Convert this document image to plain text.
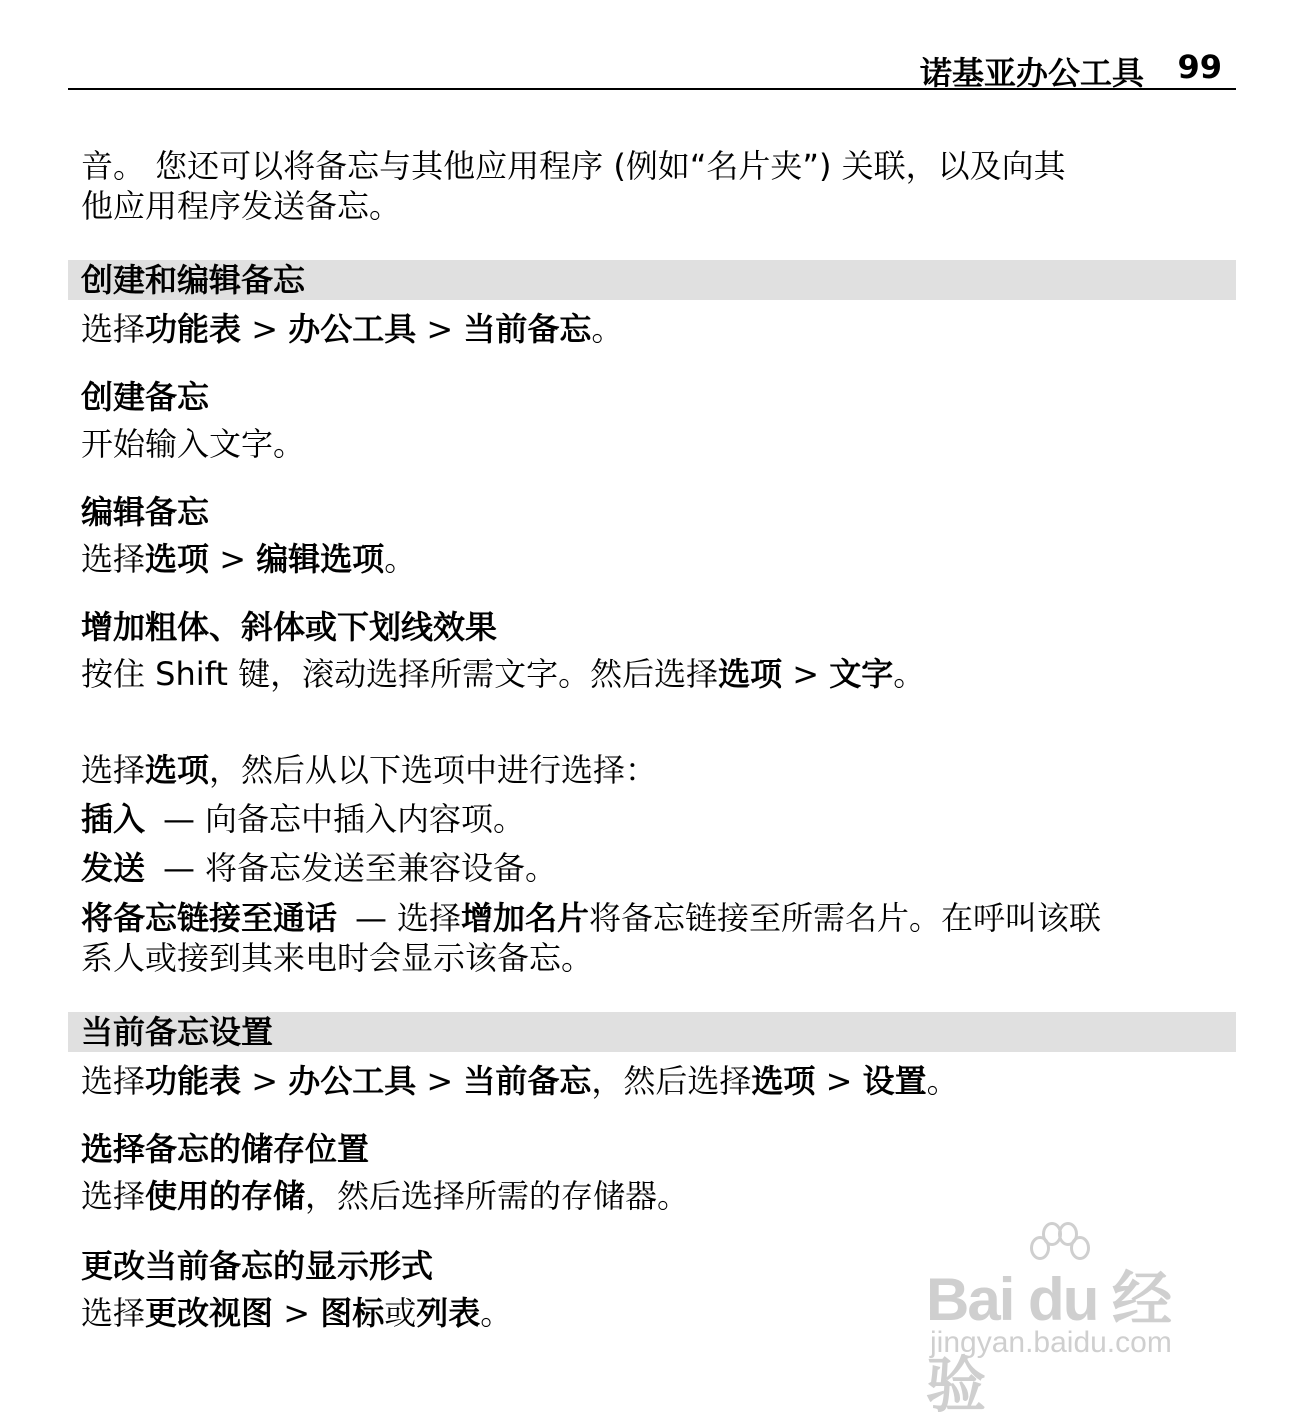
诺基亚办公工具 99
音。 您还可以将备忘与其他应用程序 (例如“名片夹”) 关联，以及向其
他应用程序发送备忘。
创建和编辑备忘
选择功能表 > 办公工具 > 当前备忘。
创建备忘
开始输入文字。
编辑备忘
选择选项 > 编辑选项。
增加粗体、斜体或下划线效果
按住 Shift 键，滚动选择所需文字。然后选择选项 > 文字。
选择选项，然后从以下选项中进行选择：
插入 — 向备忘中插入内容项。
发送 — 将备忘发送至兼容设备。
将备忘链接至通话 — 选择增加名片将备忘链接至所需名片。在呼叫该联
系人或接到其来电时会显示该备忘。
当前备忘设置
选择功能表 > 办公工具 > 当前备忘，然后选择选项 > 设置。
选择备忘的储存位置
选择使用的存储，然后选择所需的存储器。
更改当前备忘的显示形式
选择更改视图 > 图标或列表。	Bai du 经验
jingyan.baidu.com
